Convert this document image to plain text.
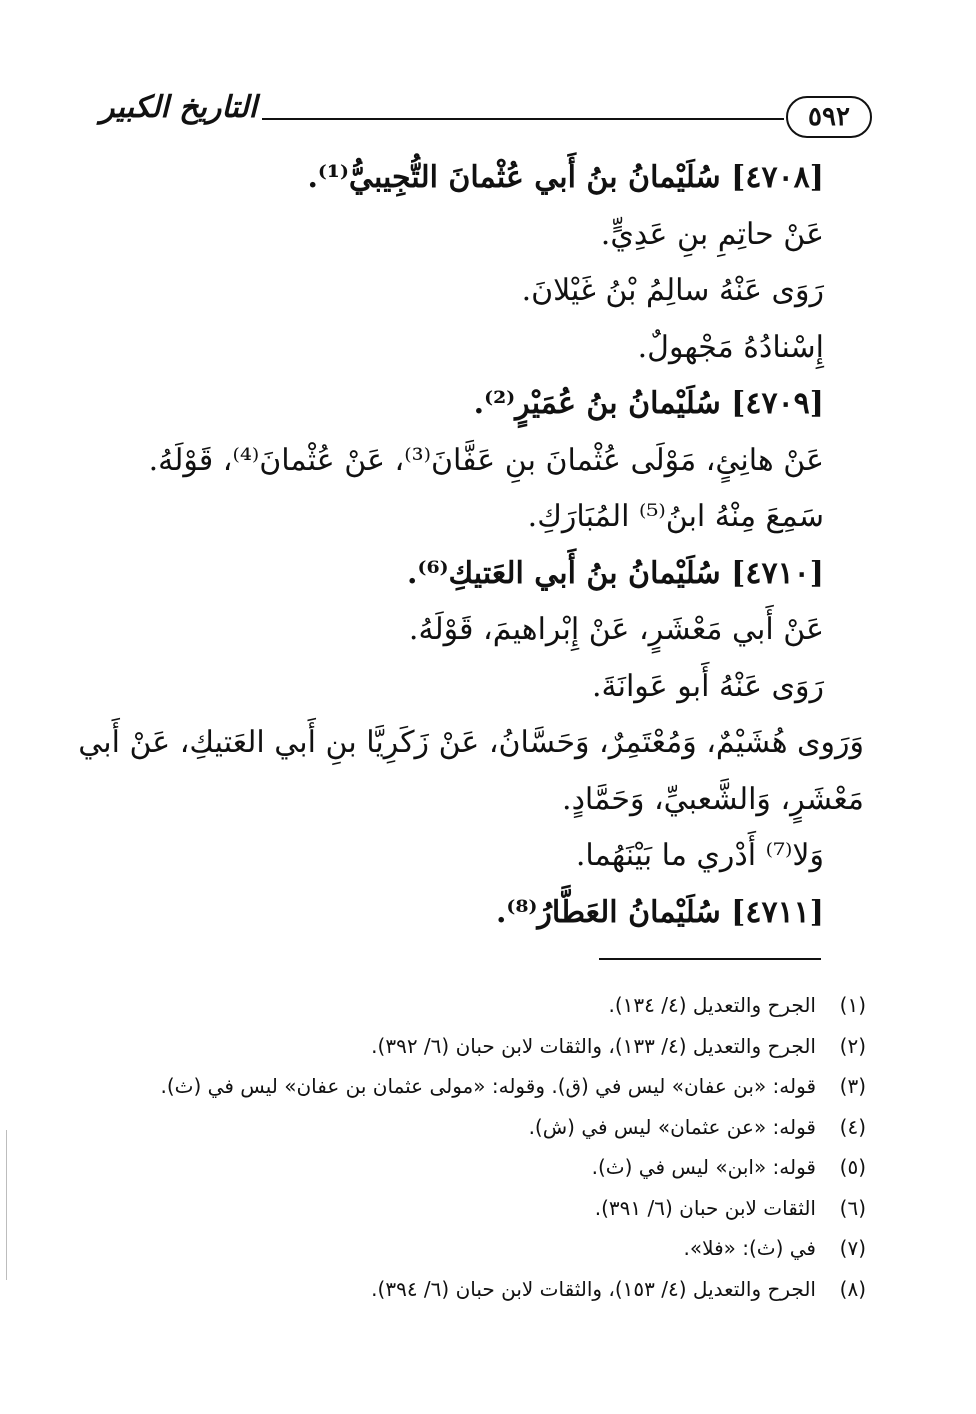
٥٩٢
التاريخ الكبير
[٤٧٠٨] سُلَيْمانُ بنُ أَبي عُثْمانَ التُّجِيبيُّ⁽¹⁾.
عَنْ حاتِمِ بنِ عَدِيٍّ.
رَوَى عَنْهُ سالِمُ بْنُ غَيْلانَ.
إِسْنادُهُ مَجْهولٌ.
[٤٧٠٩] سُلَيْمانُ بنُ عُمَيْرٍ⁽²⁾.
عَنْ هانِئٍ، مَوْلَى عُثْمانَ بنِ عَفَّانَ⁽³⁾، عَنْ عُثْمانَ⁽⁴⁾، قَوْلَهُ.
سَمِعَ مِنْهُ ابنُ⁽⁵⁾ المُبَارَكِ.
[٤٧١٠] سُلَيْمانُ بنُ أَبي العَتيكِ⁽⁶⁾.
عَنْ أَبي مَعْشَرٍ، عَنْ إِبْراهيمَ، قَوْلَهُ.
رَوَى عَنْهُ أَبو عَوانَةَ.
وَرَوى هُشَيْمٌ، وَمُعْتَمِرٌ، وَحَسَّانُ، عَنْ زَكَرِيَّا بنِ أَبي العَتيكِ، عَنْ أَبي
مَعْشَرٍ، وَالشَّعبيِّ، وَحَمَّادٍ.
وَلا⁽⁷⁾ أَدْري ما بَيْنَهُما.
[٤٧١١] سُلَيْمانُ العَطَّارُ⁽⁸⁾.
(١)
الجرح والتعديل (٤/ ١٣٤).
(٢)
الجرح والتعديل (٤/ ١٣٣)، والثقات لابن حبان (٦/ ٣٩٢).
(٣)
قوله: «بن عفان» ليس في (ق). وقوله: «مولى عثمان بن عفان» ليس في (ث).
(٤)
قوله: «عن عثمان» ليس في (ش).
(٥)
قوله: «ابن» ليس في (ث).
(٦)
الثقات لابن حبان (٦/ ٣٩١).
(٧)
في (ث): «فلا».
(٨)
الجرح والتعديل (٤/ ١٥٣)، والثقات لابن حبان (٦/ ٣٩٤).
